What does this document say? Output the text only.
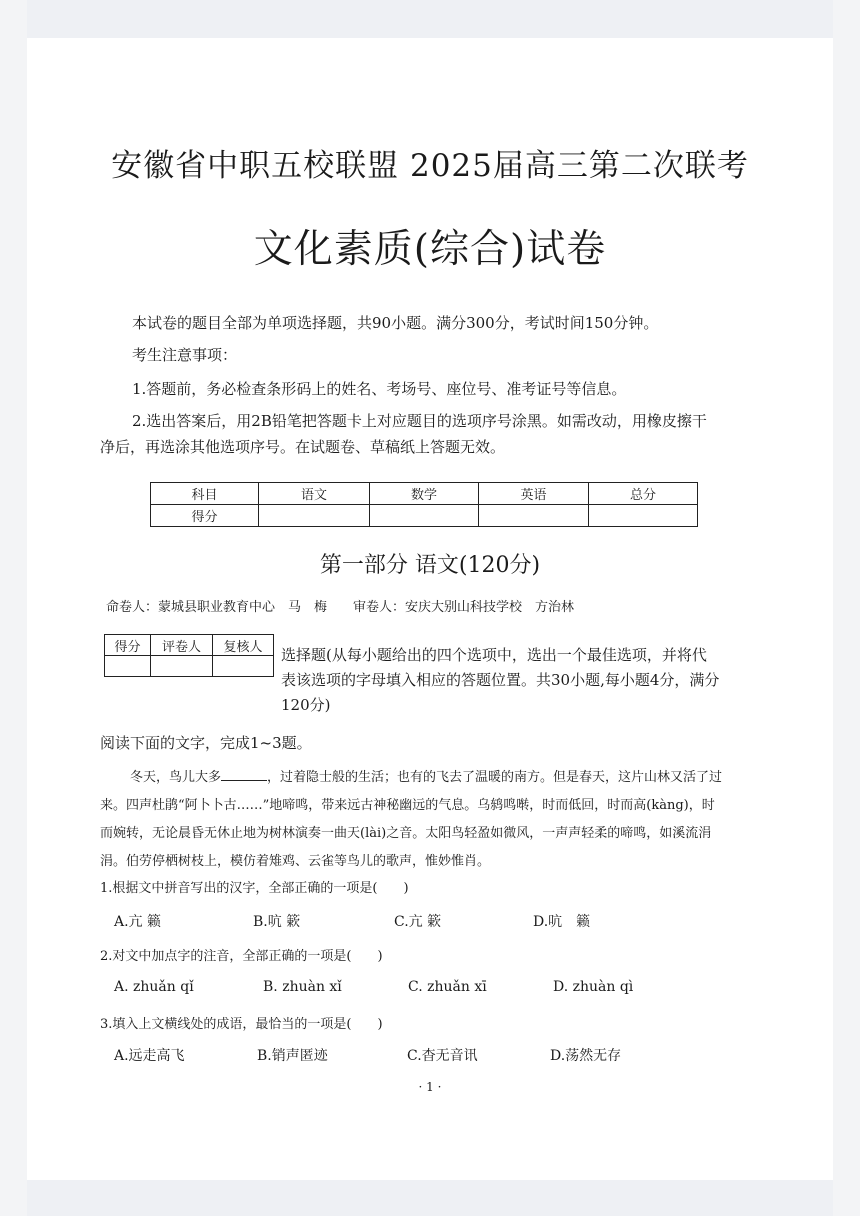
安徽省中职五校联盟 2025届高三第二次联考
文化素质(综合)试卷
本试卷的题目全部为单项选择题，共90小题。满分300分，考试时间150分钟。
考生注意事项：
1.答题前，务必检查条形码上的姓名、考场号、座位号、准考证号等信息。
2.选出答案后，用2B铅笔把答题卡上对应题目的选项序号涂黑。如需改动，用橡皮擦干
净后，再选涂其他选项序号。在试题卷、草稿纸上答题无效。
科目	语文	数学	英语	总分
得分				
第一部分 语文(120分)
命卷人：蒙城县职业教育中心　马　梅　　审卷人：安庆大别山科技学校　方治林
得分	评卷人	复核人
		选择题(从每小题给出的四个选项中，选出一个最佳选项，并将代
表该选项的字母填入相应的答题位置。共30小题,每小题4分，满分
120分)
阅读下面的文字，完成1~3题。
冬天，鸟儿大多	，过着隐士般的生活；也有的飞去了温暖的南方。但是春天，这片山林又活了过
来。四声杜鹃“阿卜卜古……”地啼鸣，带来远古神秘幽远的气息。乌鸫鸣啭，时而低回，时而高(kàng)，时
而婉转，无论晨昏无休止地为树林演奏一曲天(lài)之音。太阳鸟轻盈如微风，一声声轻柔的啼鸣，如溪流涓
涓。伯劳停栖树枝上，模仿着雉鸡、云雀等鸟儿的歌声，惟妙惟肖。
1.根据文中拼音写出的汉字，全部正确的一项是(　　)
A.亢 籁	B.吭 簌	C.亢 簌	D.吭　籁
2.对文中加点字的注音，全部正确的一项是(　　)
A. zhuǎn qǐ	B. zhuàn xǐ	C. zhuǎn xī	D. zhuàn qì
3.填入上文横线处的成语，最恰当的一项是(　　)
A.远走高飞	B.销声匿迹	C.杳无音讯	D.荡然无存
· 1 ·
